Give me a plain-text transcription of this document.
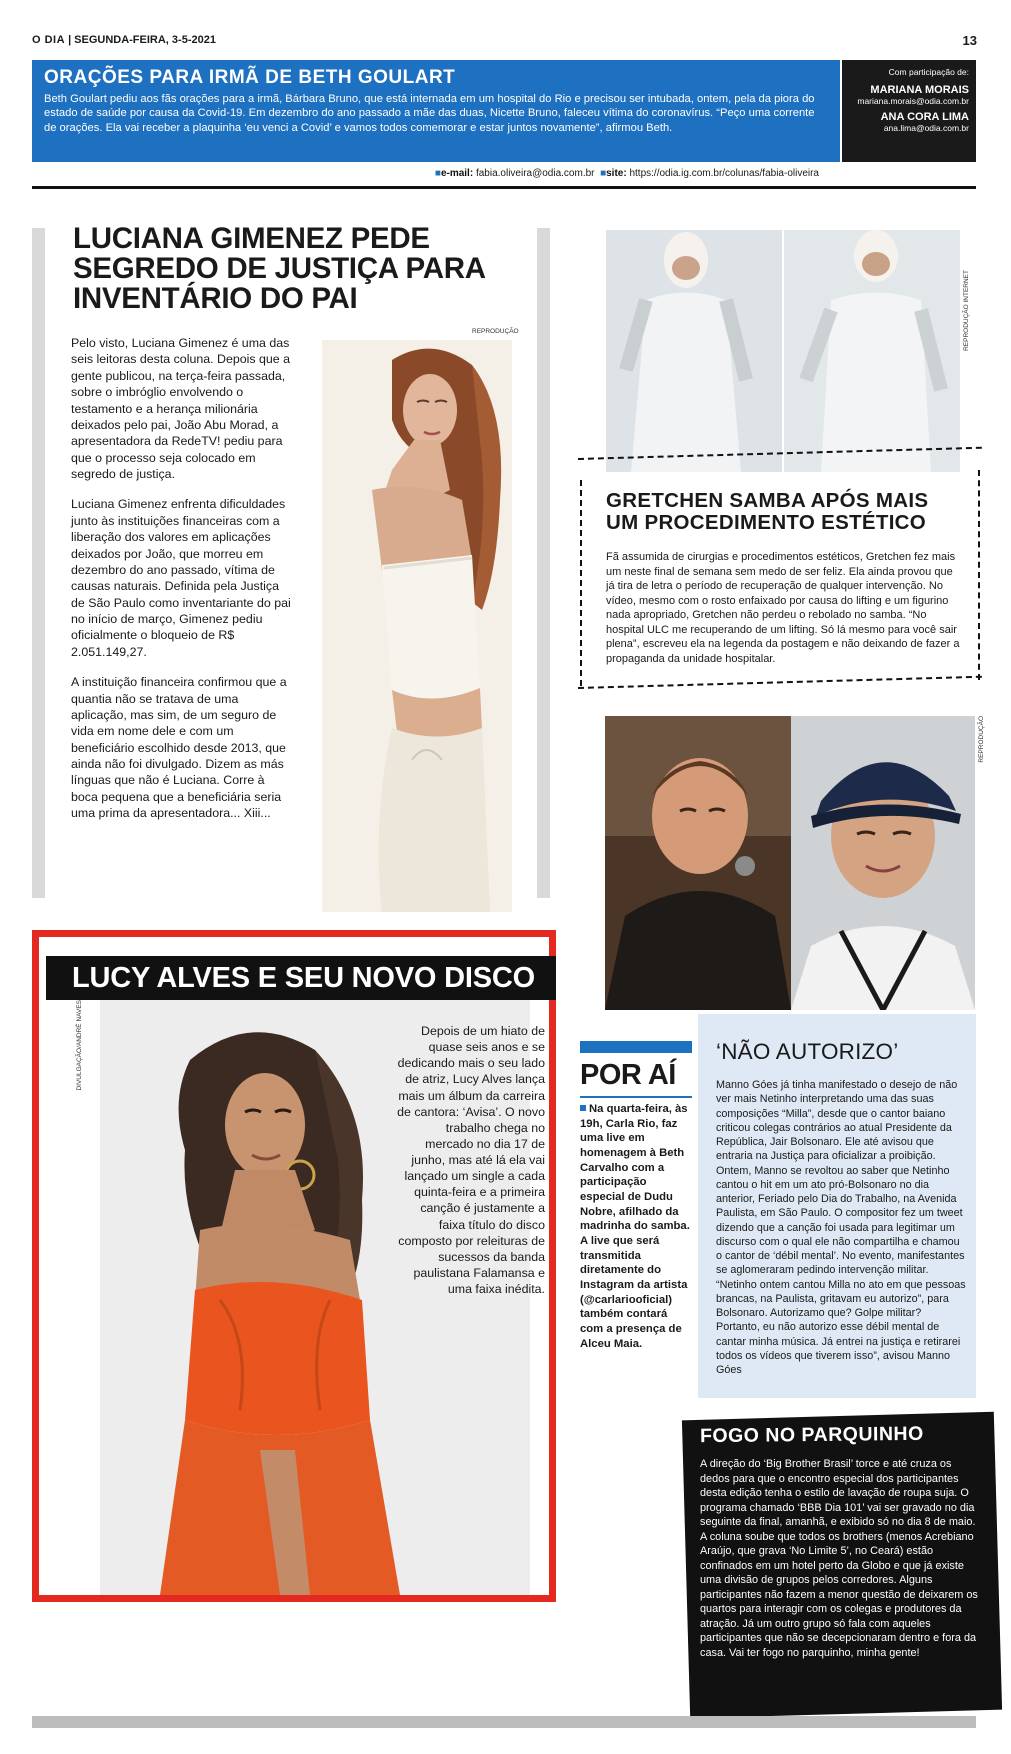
O DIA | SEGUNDA-FEIRA, 3-5-2021	13
ORAÇÕES PARA IRMÃ DE BETH GOULART

Beth Goulart pediu aos fãs orações para a irmã, Bárbara Bruno, que está internada em um hospital do Rio e precisou ser intubada, ontem, pela da piora do estado de saúde por causa da Covid-19. Em dezembro do ano passado a mãe das duas, Nicette Bruno, faleceu vítima do coronavírus. “Peço uma corrente de orações. Ela vai receber a plaquinha ‘eu venci a Covid’ e vamos todos comemorar e estar juntos novamente”, afirmou Beth.

Com participação de:
MARIANA MORAIS
mariana.morais@odia.com.br
ANA CORA LIMA
ana.lima@odia.com.br
■e-mail: fabia.oliveira@odia.com.br ■site: https://odia.ig.com.br/colunas/fabia-oliveira
LUCIANA GIMENEZ PEDE SEGREDO DE JUSTIÇA PARA INVENTÁRIO DO PAI
REPRODUÇÃO

Pelo visto, Luciana Gimenez é uma das seis leitoras desta coluna. Depois que a gente publicou, na terça-feira passada, sobre o imbróglio envolvendo o testamento e a herança milionária deixados pelo pai, João Abu Morad, a apresentadora da RedeTV! pediu para que o processo seja colocado em segredo de justiça.

Luciana Gimenez enfrenta dificuldades junto às instituições financeiras com a liberação dos valores em aplicações deixados por João, que morreu em dezembro do ano passado, vítima de causas naturais. Definida pela Justiça de São Paulo como inventariante do pai no início de março, Gimenez pediu oficialmente o bloqueio de R$ 2.051.149,27.

A instituição financeira confirmou que a quantia não se tratava de uma aplicação, mas sim, de um seguro de vida em nome dele e com um beneficiário escolhido desde 2013, que ainda não foi divulgado. Dizem as más línguas que não é Luciana. Corre à boca pequena que a beneficiária seria uma prima da apresentadora... Xiii...

REPRODUÇÃO INTERNET
GRETCHEN SAMBA APÓS MAIS UM PROCEDIMENTO ESTÉTICO

Fã assumida de cirurgias e procedimentos estéticos, Gretchen fez mais um neste final de semana sem medo de ser feliz. Ela ainda provou que já tira de letra o período de recuperação de qualquer intervenção. No vídeo, mesmo com o rosto enfaixado por causa do lifting e um figurino nada apropriado, Gretchen não perdeu o rebolado no samba. “No hospital ULC me recuperando de um lifting. Só lá mesmo para você sair plena”, escreveu ela na legenda da postagem e não deixando de fazer a propaganda da unidade hospitalar.

REPRODUÇÃO
LUCY ALVES E SEU NOVO DISCO
DIVULGAÇÃO/ANDRÉ NAVES	Depois de um hiato de quase seis anos e se dedicando mais o seu lado de atriz, Lucy Alves lança mais um álbum da carreira de cantora: ‘Avisa’. O novo trabalho chega no mercado no dia 17 de junho, mas até lá ela vai lançado um single a cada quinta-feira e a primeira canção é justamente a faixa título do disco composto por releituras de sucessos da banda paulistana Falamansa e uma faixa inédita.

POR AÍ

Na quarta-feira, às 19h, Carla Rio, faz uma live em homenagem à Beth Carvalho com a participação especial de Dudu Nobre, afilhado da madrinha do samba. A live que será transmitida diretamente do Instagram da artista (@carlariooficial) também contará com a presença de Alceu Maia.

‘NÃO AUTORIZO’

Manno Góes já tinha manifestado o desejo de não ver mais Netinho interpretando uma das suas composições “Milla”, desde que o cantor baiano criticou colegas contrários ao atual Presidente da República, Jair Bolsonaro. Ele até avisou que entraria na Justiça para oficializar a proibição. Ontem, Manno se revoltou ao saber que Netinho cantou o hit em um ato pró-Bolsonaro no dia anterior, Feriado pelo Dia do Trabalho, na Avenida Paulista, em São Paulo. O compositor fez um tweet dizendo que a canção foi usada para legitimar um discurso com o qual ele não compartilha e chamou o cantor de ‘débil mental’. No evento, manifestantes se aglomeraram pedindo intervenção militar.

“Netinho ontem cantou Milla no ato em que pessoas brancas, na Paulista, gritavam eu autorizo”, para Bolsonaro. Autorizamo que? Golpe militar? Portanto, eu não autorizo esse débil mental de cantar minha música. Já entrei na justiça e retirarei todos os vídeos que tiverem isso”, avisou Manno Góes

FOGO NO PARQUINHO

A direção do ‘Big Brother Brasil’ torce e até cruza os dedos para que o encontro especial dos participantes desta edição tenha o estilo de lavação de roupa suja. O programa chamado ‘BBB Dia 101’ vai ser gravado no dia seguinte da final, amanhã, e exibido só no dia 8 de maio. A coluna soube que todos os brothers (menos Acrebiano Araújo, que grava ‘No Limite 5’, no Ceará) estão confinados em um hotel perto da Globo e que já existe uma divisão de grupos pelos corredores. Alguns participantes não fazem a menor questão de deixarem os quartos para interagir com os colegas e produtores da atração. Já um outro grupo só fala com aqueles participantes que não se decepcionaram dentro e fora da casa. Vai ter fogo no parquinho, minha gente!
